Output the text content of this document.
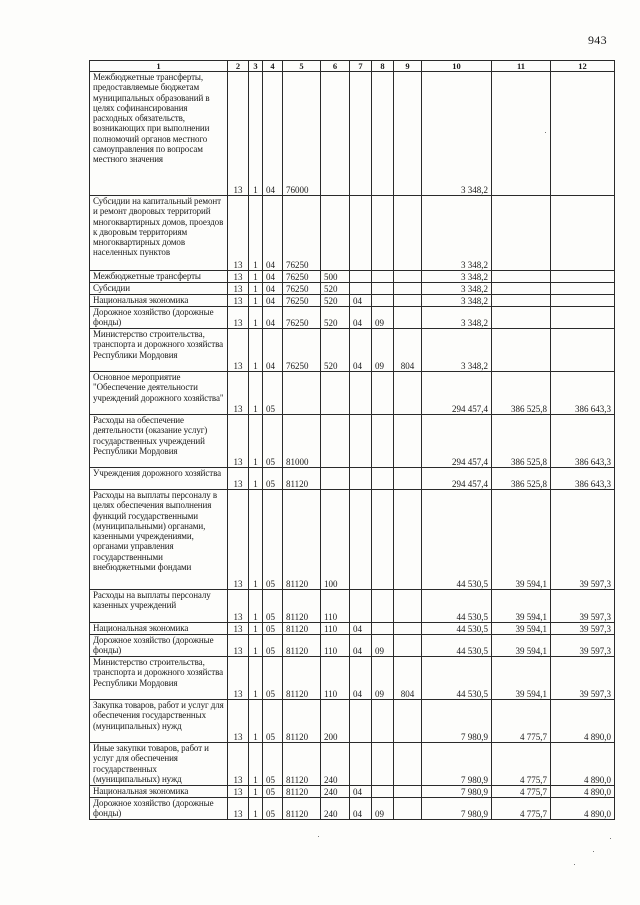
943
1	2	3	4	5	6	7	8	9	10	11	12
Межбюджетные трансферты, предоставляемые бюджетам муниципальных образований в целях софинансирования расходных обязательств, возникающих при выполнении полномочий органов местного самоуправления по вопросам местного значения	13	1	04	76000					3 348,2		
Субсидии на капитальный ремонт и ремонт дворовых территорий многоквартирных домов, проездов к дворовым территориям многоквартирных домов населенных пунктов	13	1	04	76250					3 348,2		
Межбюджетные трансферты	13	1	04	76250	500				3 348,2		
Субсидии	13	1	04	76250	520				3 348,2		
Национальная экономика	13	1	04	76250	520	04			3 348,2		
Дорожное хозяйство (дорожные фонды)	13	1	04	76250	520	04	09		3 348,2		
Министерство строительства, транспорта и дорожного хозяйства Республики Мордовия	13	1	04	76250	520	04	09	804	3 348,2		
Основное мероприятие "Обеспечение деятельности учреждений дорожного хозяйства"	13	1	05						294 457,4	386 525,8	386 643,3
Расходы на обеспечение деятельности (оказание услуг) государственных учреждений Республики Мордовия	13	1	05	81000					294 457,4	386 525,8	386 643,3
Учреждения дорожного хозяйства	13	1	05	81120					294 457,4	386 525,8	386 643,3
Расходы на выплаты персоналу в целях обеспечения выполнения функций государственными (муниципальными) органами, казенными учреждениями, органами управления государственными внебюджетными фондами	13	1	05	81120	100				44 530,5	39 594,1	39 597,3
Расходы на выплаты персоналу казенных учреждений	13	1	05	81120	110				44 530,5	39 594,1	39 597,3
Национальная экономика	13	1	05	81120	110	04			44 530,5	39 594,1	39 597,3
Дорожное хозяйство (дорожные фонды)	13	1	05	81120	110	04	09		44 530,5	39 594,1	39 597,3
Министерство строительства, транспорта и дорожного хозяйства Республики Мордовия	13	1	05	81120	110	04	09	804	44 530,5	39 594,1	39 597,3
Закупка товаров, работ и услуг для обеспечения государственных (муниципальных) нужд	13	1	05	81120	200				7 980,9	4 775,7	4 890,0
Иные закупки товаров, работ и услуг для обеспечения государственных (муниципальных) нужд	13	1	05	81120	240				7 980,9	4 775,7	4 890,0
Национальная экономика	13	1	05	81120	240	04			7 980,9	4 775,7	4 890,0
Дорожное хозяйство (дорожные фонды)	13	1	05	81120	240	04	09		7 980,9	4 775,7	4 890,0
